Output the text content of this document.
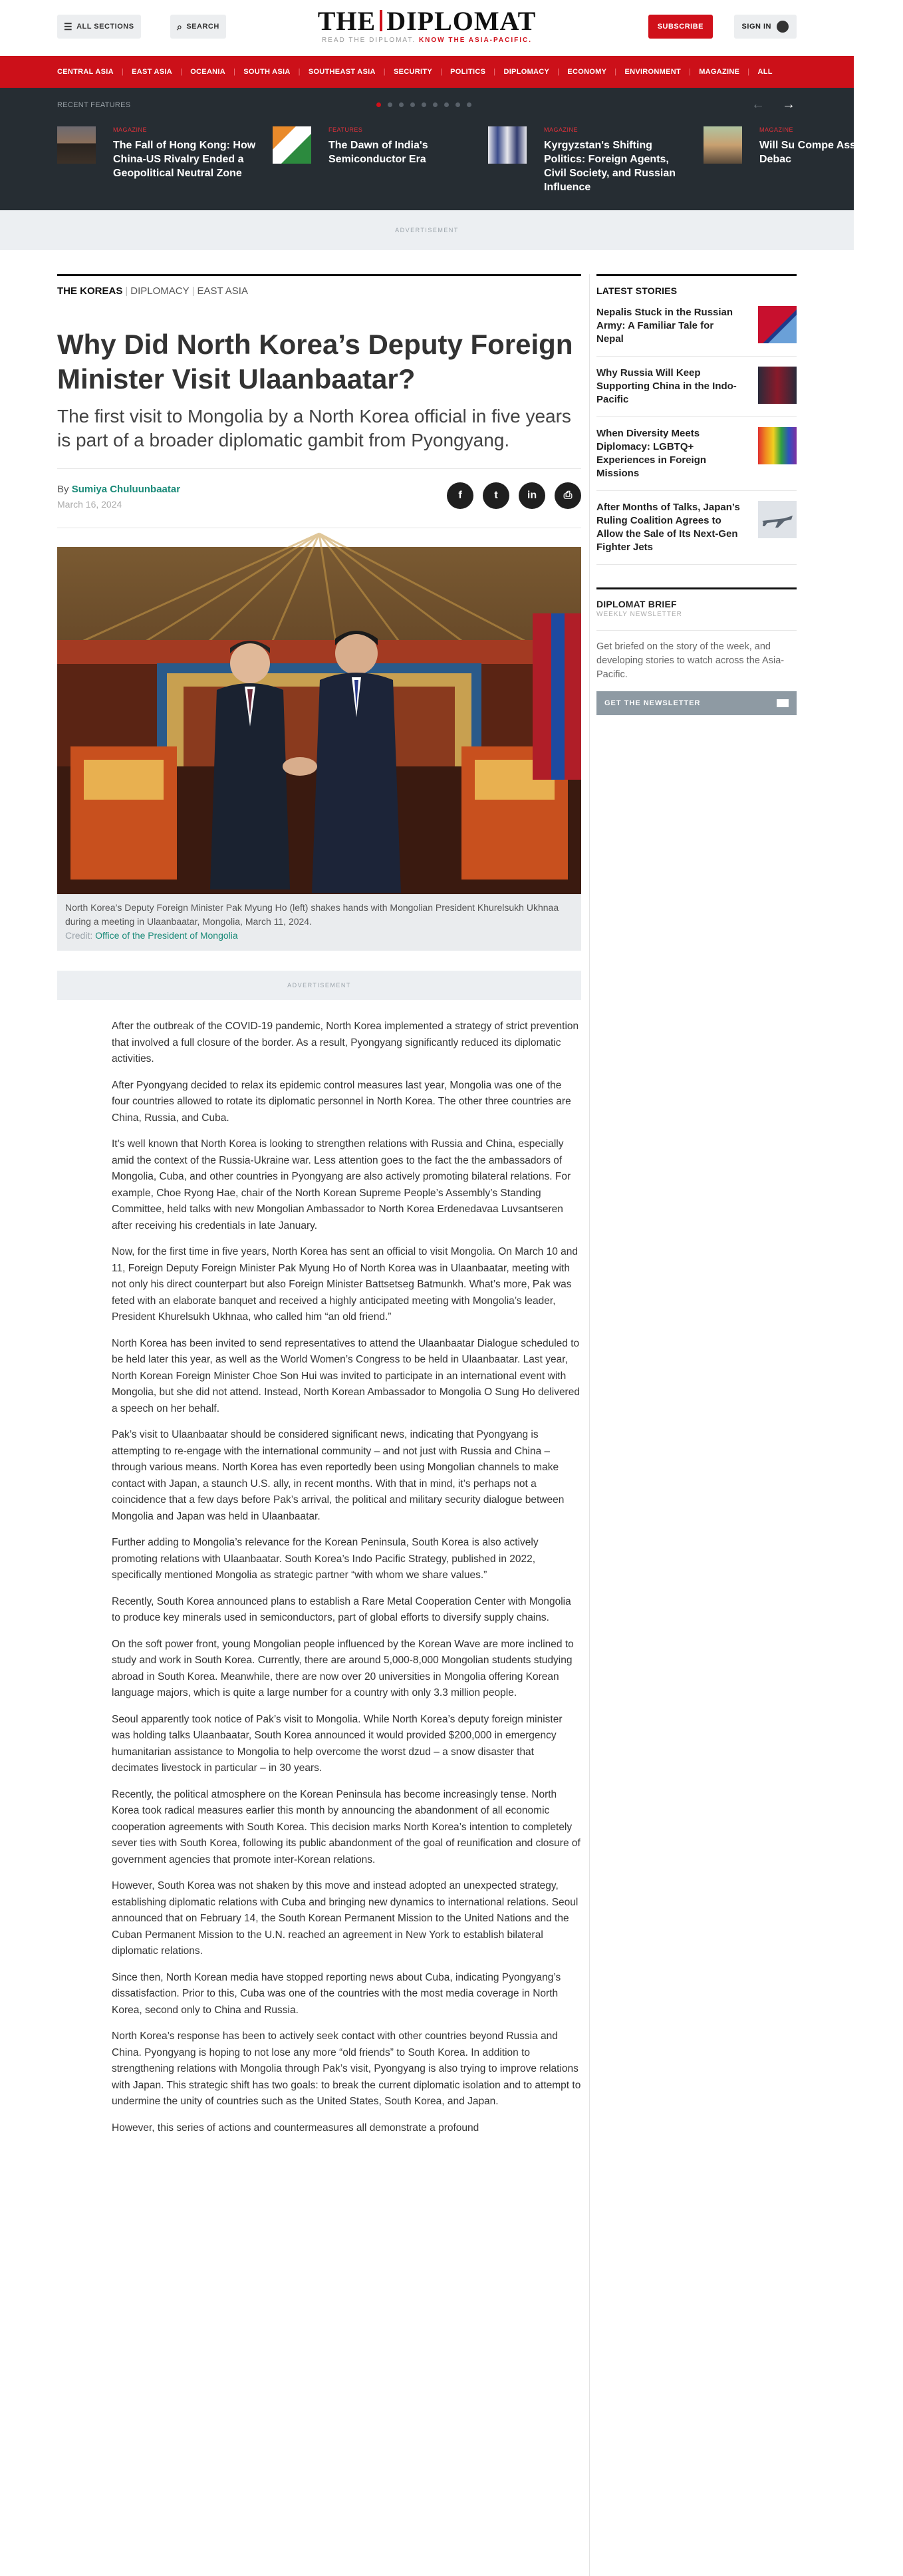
☰ ALL SECTIONS	⌕ SEARCH	THE DIPLOMAT
READ THE DIPLOMAT. KNOW THE ASIA-PACIFIC.
SUBSCRIBE	SIGN IN
CENTRAL ASIA | EAST ASIA | OCEANIA | SOUTH ASIA | SOUTHEAST ASIA | SECURITY | POLITICS | DIPLOMACY | ECONOMY | ENVIRONMENT | MAGAZINE | ALL
RECENT FEATURES	← →
MAGAZINE
The Fall of Hong Kong: How China-US Rivalry Ended a Geopolitical Neutral Zone
FEATURES
The Dawn of India's Semiconductor Era
MAGAZINE
Kyrgyzstan's Shifting Politics: Foreign Agents, Civil Society, and Russian Influence
MAGAZINE
Will Su Compe Assum Debac
ADVERTISEMENT
THE KOREAS | DIPLOMACY | EAST ASIA
Why Did North Korea’s Deputy Foreign Minister Visit Ulaanbaatar?
The first visit to Mongolia by a North Korea official in five years is part of a broader diplomatic gambit from Pyongyang.
By Sumiya Chuluunbaatar
March 16, 2024
f	t	in	⎙
North Korea’s Deputy Foreign Minister Pak Myung Ho (left) shakes hands with Mongolian President Khurelsukh Ukhnaa during a meeting in Ulaanbaatar, Mongolia, March 11, 2024.
Credit: Office of the President of Mongolia
ADVERTISEMENT

After the outbreak of the COVID-19 pandemic, North Korea implemented a strategy of strict prevention that involved a full closure of the border. As a result, Pyongyang significantly reduced its diplomatic activities.

After Pyongyang decided to relax its epidemic control measures last year, Mongolia was one of the four countries allowed to rotate its diplomatic personnel in North Korea. The other three countries are China, Russia, and Cuba.

It’s well known that North Korea is looking to strengthen relations with Russia and China, especially amid the context of the Russia-Ukraine war. Less attention goes to the fact the the ambassadors of Mongolia, Cuba, and other countries in Pyongyang are also actively promoting bilateral relations. For example, Choe Ryong Hae, chair of the North Korean Supreme People’s Assembly’s Standing Committee, held talks with new Mongolian Ambassador to North Korea Erdenedavaa Luvsantseren after receiving his credentials in late January.

Now, for the first time in five years, North Korea has sent an official to visit Mongolia. On March 10 and 11, Foreign Deputy Foreign Minister Pak Myung Ho of North Korea was in Ulaanbaatar, meeting with not only his direct counterpart but also Foreign Minister Battsetseg Batmunkh. What’s more, Pak was feted with an elaborate banquet and received a highly anticipated meeting with Mongolia’s leader, President Khurelsukh Ukhnaa, who called him “an old friend.”

North Korea has been invited to send representatives to attend the Ulaanbaatar Dialogue scheduled to be held later this year, as well as the World Women’s Congress to be held in Ulaanbaatar. Last year, North Korean Foreign Minister Choe Son Hui was invited to participate in an international event with Mongolia, but she did not attend. Instead, North Korean Ambassador to Mongolia O Sung Ho delivered a speech on her behalf.

Pak’s visit to Ulaanbaatar should be considered significant news, indicating that Pyongyang is attempting to re-engage with the international community – and not just with Russia and China – through various means. North Korea has even reportedly been using Mongolian channels to make contact with Japan, a staunch U.S. ally, in recent months. With that in mind, it’s perhaps not a coincidence that a few days before Pak’s arrival, the political and military security dialogue between Mongolia and Japan was held in Ulaanbaatar.

Further adding to Mongolia’s relevance for the Korean Peninsula, South Korea is also actively promoting relations with Ulaanbaatar. South Korea’s Indo Pacific Strategy, published in 2022, specifically mentioned Mongolia as strategic partner “with whom we share values.”

Recently, South Korea announced plans to establish a Rare Metal Cooperation Center with Mongolia to produce key minerals used in semiconductors, part of global efforts to diversify supply chains.

On the soft power front, young Mongolian people influenced by the Korean Wave are more inclined to study and work in South Korea. Currently, there are around 5,000-8,000 Mongolian students studying abroad in South Korea. Meanwhile, there are now over 20 universities in Mongolia offering Korean language majors, which is quite a large number for a country with only 3.3 million people.

Seoul apparently took notice of Pak’s visit to Mongolia. While North Korea’s deputy foreign minister was holding talks Ulaanbaatar, South Korea announced it would provided $200,000 in emergency humanitarian assistance to Mongolia to help overcome the worst dzud – a snow disaster that decimates livestock in particular – in 30 years.

Recently, the political atmosphere on the Korean Peninsula has become increasingly tense. North Korea took radical measures earlier this month by announcing the abandonment of all economic cooperation agreements with South Korea. This decision marks North Korea’s intention to completely sever ties with South Korea, following its public abandonment of the goal of reunification and closure of government agencies that promote inter-Korean relations.

However, South Korea was not shaken by this move and instead adopted an unexpected strategy, establishing diplomatic relations with Cuba and bringing new dynamics to international relations. Seoul announced that on February 14, the South Korean Permanent Mission to the United Nations and the Cuban Permanent Mission to the U.N. reached an agreement in New York to establish bilateral diplomatic relations.

Since then, North Korean media have stopped reporting news about Cuba, indicating Pyongyang’s dissatisfaction. Prior to this, Cuba was one of the countries with the most media coverage in North Korea, second only to China and Russia.

North Korea’s response has been to actively seek contact with other countries beyond Russia and China. Pyongyang is hoping to not lose any more “old friends” to South Korea. In addition to strengthening relations with Mongolia through Pak’s visit, Pyongyang is also trying to improve relations with Japan. This strategic shift has two goals: to break the current diplomatic isolation and to attempt to undermine the unity of countries such as the United States, South Korea, and Japan.

However, this series of actions and countermeasures all demonstrate a profound

LATEST STORIES
Nepalis Stuck in the Russian Army: A Familiar Tale for Nepal
Why Russia Will Keep Supporting China in the Indo-Pacific
When Diversity Meets Diplomacy: LGBTQ+ Experiences in Foreign Missions
After Months of Talks, Japan’s Ruling Coalition Agrees to Allow the Sale of Its Next-Gen Fighter Jets
DIPLOMAT BRIEF
WEEKLY NEWSLETTER
Get briefed on the story of the week, and developing stories to watch across the Asia-Pacific.
GET THE NEWSLETTER
